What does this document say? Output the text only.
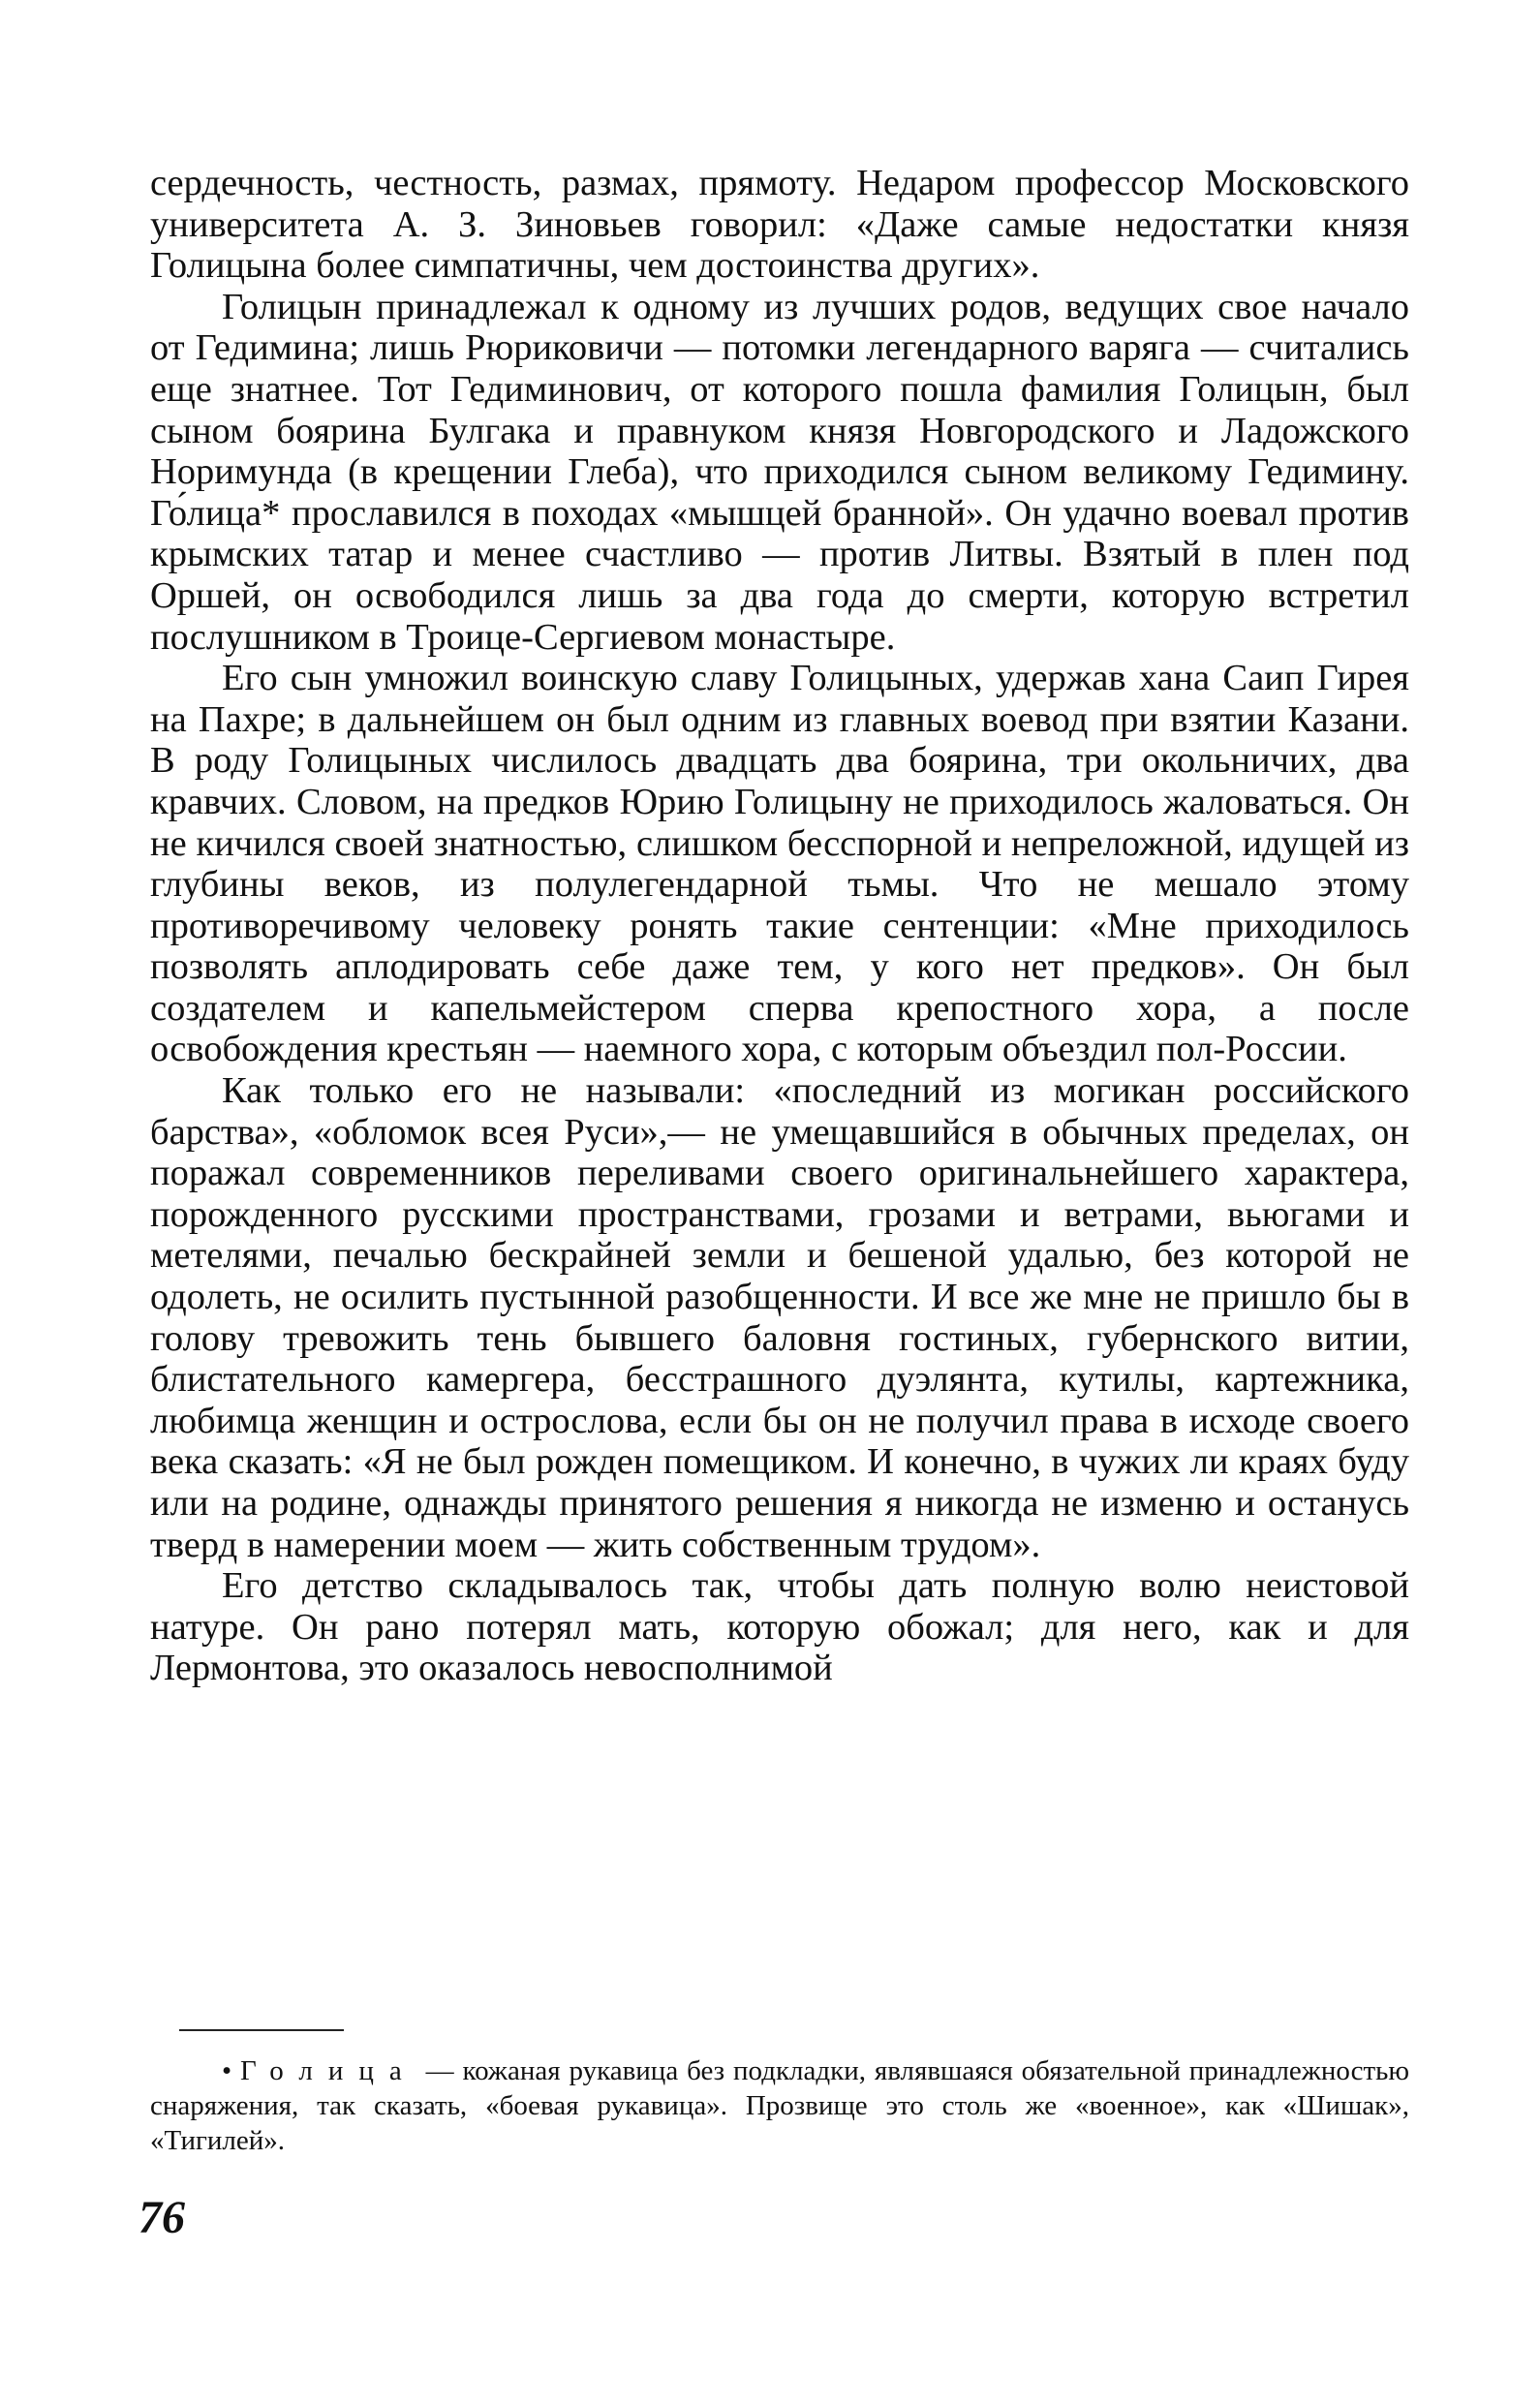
сердечность, честность, размах, прямоту. Недаром профессор Московского университета А. З. Зиновьев говорил: «Даже самые недостатки князя Голицына более симпатичны, чем достоинства других».

Голицын принадлежал к одному из лучших родов, ведущих свое начало от Гедимина; лишь Рюриковичи — потомки легендарного варяга — считались еще знатнее. Тот Гедиминович, от которого пошла фамилия Голицын, был сыном боярина Булгака и правнуком князя Новгородского и Ладожского Норимунда (в крещении Глеба), что приходился сыном великому Гедимину. Го́лица* прославился в походах «мышцей бранной». Он удачно воевал против крымских татар и менее счастливо — против Литвы. Взятый в плен под Оршей, он освободился лишь за два года до смерти, которую встретил послушником в Троице-Сергиевом монастыре.

Его сын умножил воинскую славу Голицыных, удержав хана Саип Гирея на Пахре; в дальнейшем он был одним из главных воевод при взятии Казани. В роду Голицыных числилось двадцать два боярина, три окольничих, два кравчих. Словом, на предков Юрию Голицыну не приходилось жаловаться. Он не кичился своей знатностью, слишком бесспорной и непреложной, идущей из глубины веков, из полулегендарной тьмы. Что не мешало этому противоречивому человеку ронять такие сентенции: «Мне приходилось позволять аплодировать себе даже тем, у кого нет предков». Он был создателем и капельмейстером сперва крепостного хора, а после освобождения крестьян — наемного хора, с которым объездил пол-России.

Как только его не называли: «последний из могикан российского барства», «обломок всея Руси»,— не умещавшийся в обычных пределах, он поражал современников переливами своего оригинальнейшего характера, порожденного русскими пространствами, грозами и ветрами, вьюгами и метелями, печалью бескрайней земли и бешеной удалью, без которой не одолеть, не осилить пустынной разобщенности. И все же мне не пришло бы в голову тревожить тень бывшего баловня гостиных, губернского витии, блистательного камергера, бесстрашного дуэлянта, кутилы, картежника, любимца женщин и острослова, если бы он не получил права в исходе своего века сказать: «Я не был рожден помещиком. И конечно, в чужих ли краях буду или на родине, однажды принятого решения я никогда не изменю и останусь тверд в намерении моем — жить собственным трудом».

Его детство складывалось так, чтобы дать полную волю неистовой натуре. Он рано потерял мать, которую обожал; для него, как и для Лермонтова, это оказалось невосполнимой

• Голица — кожаная рукавица без подкладки, являвшаяся обязательной принадлежностью снаряжения, так сказать, «боевая рукавица». Прозвище это столь же «военное», как «Шишак», «Тигилей».
76
